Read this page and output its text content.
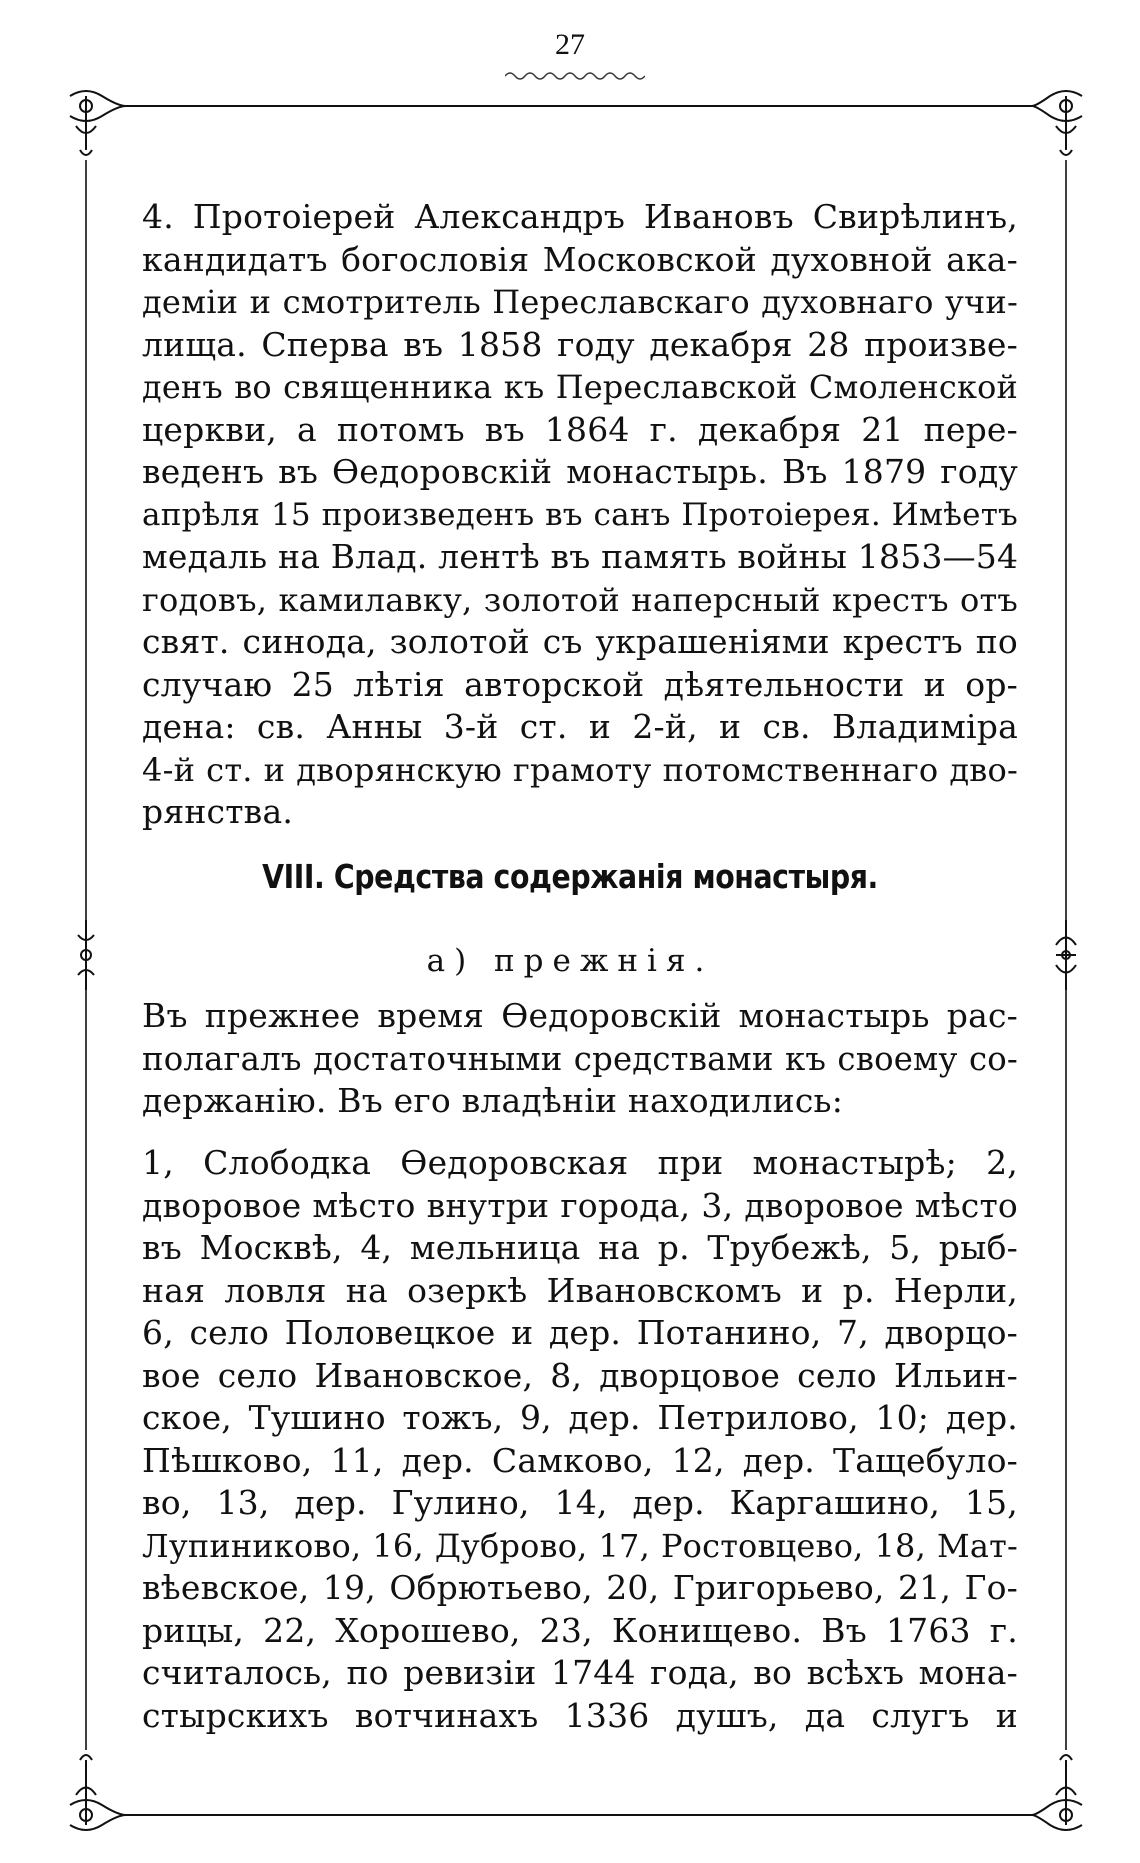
27
4. Протоіерей Александръ Ивановъ Свирѣлинъ,
кандидатъ богословія Московской духовной ака-
деміи и смотритель Переславскаго духовнаго учи-
лища. Сперва въ 1858 году декабря 28 произве-
денъ во священника къ Переславской Смоленской
церкви, а потомъ въ 1864 г. декабря 21 пере-
веденъ въ Ѳедоровскій монастырь. Въ 1879 году
апрѣля 15 произведенъ въ санъ Протоіерея. Имѣетъ
медаль на Влад. лентѣ въ память войны 1853—54
годовъ, камилавку, золотой наперсный крестъ отъ
свят. синода, золотой съ украшеніями крестъ по
случаю 25 лѣтія авторской дѣятельности и ор-
дена: св. Анны 3-й ст. и 2-й, и св. Владиміра
4-й ст. и дворянскую грамоту потомственнаго дво-
рянства.
VIII. Средства содержанія монастыря.
а) прежнія.
Въ прежнее время Ѳедоровскій монастырь рас-
полагалъ достаточными средствами къ своему со-
держанію. Въ его владѣніи находились:
1, Слободка Ѳедоровская при монастырѣ; 2,
дворовое мѣсто внутри города, 3, дворовое мѣсто
въ Москвѣ, 4, мельница на р. Трубежѣ, 5, рыб-
ная ловля на озеркѣ Ивановскомъ и р. Нерли,
6, село Половецкое и дер. Потанино, 7, дворцо-
вое село Ивановское, 8, дворцовое село Ильин-
ское, Тушино тожъ, 9, дер. Петрилово, 10; дер.
Пѣшково, 11, дер. Самково, 12, дер. Тащебуло-
во, 13, дер. Гулино, 14, дер. Каргашино, 15,
Лупиниково, 16, Дуброво, 17, Ростовцево, 18, Мат-
вѣевское, 19, Обрютьево, 20, Григорьево, 21, Го-
рицы, 22, Хорошево, 23, Конищево. Въ 1763 г.
считалось, по ревизіи 1744 года, во всѣхъ мона-
стырскихъ вотчинахъ 1336 душъ, да слугъ и
